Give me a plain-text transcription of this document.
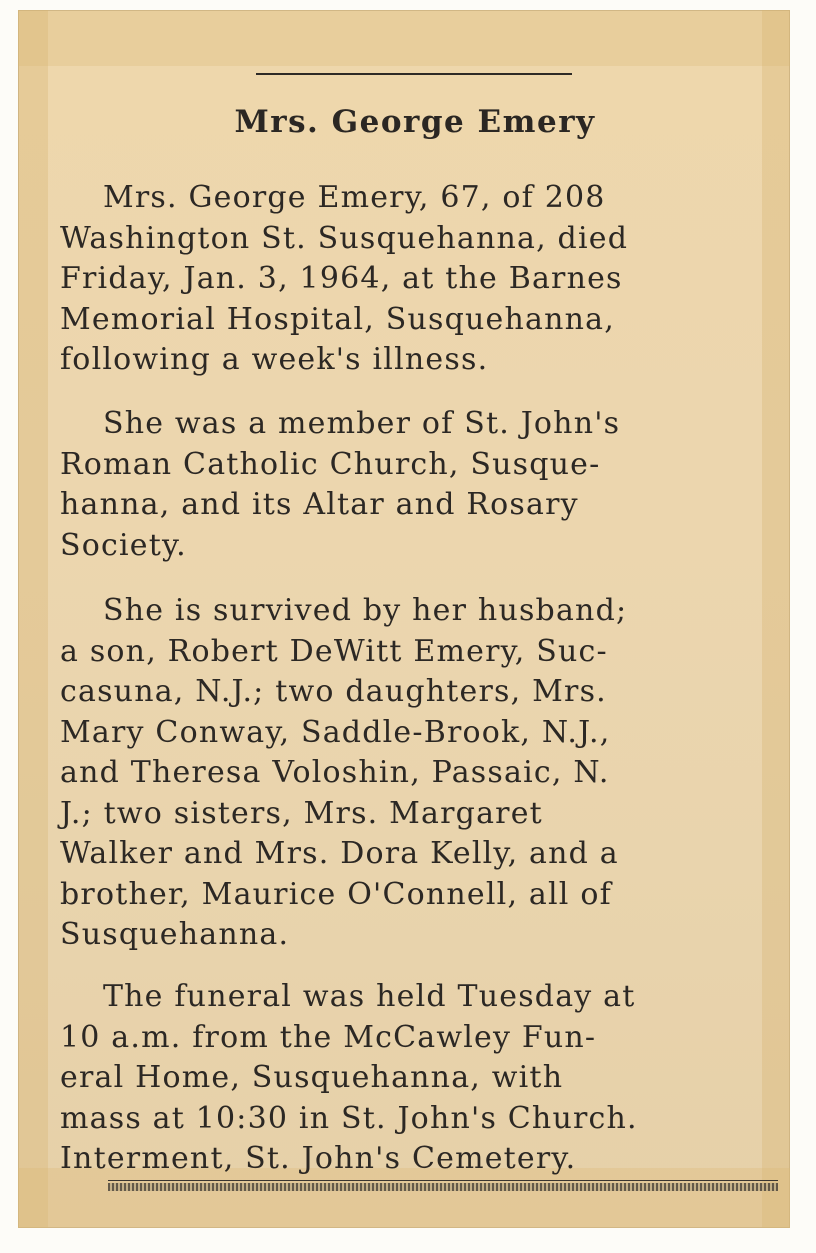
Mrs. George Emery
Mrs. George Emery, 67, of 208
Washington St. Susquehanna, died
Friday, Jan. 3, 1964, at the Barnes
Memorial Hospital, Susquehanna,
following a week's illness.
She was a member of St. John's
Roman Catholic Church, Susque-
hanna, and its Altar and Rosary
Society.
She is survived by her husband;
a son, Robert DeWitt Emery, Suc-
casuna, N.J.; two daughters, Mrs.
Mary Conway, Saddle-Brook, N.J.,
and Theresa Voloshin, Passaic, N.
J.; two sisters, Mrs. Margaret
Walker and Mrs. Dora Kelly, and a
brother, Maurice O'Connell, all of
Susquehanna.
The funeral was held Tuesday at
10 a.m. from the McCawley Fun-
eral Home, Susquehanna, with
mass at 10:30 in St. John's Church.
Interment, St. John's Cemetery.
